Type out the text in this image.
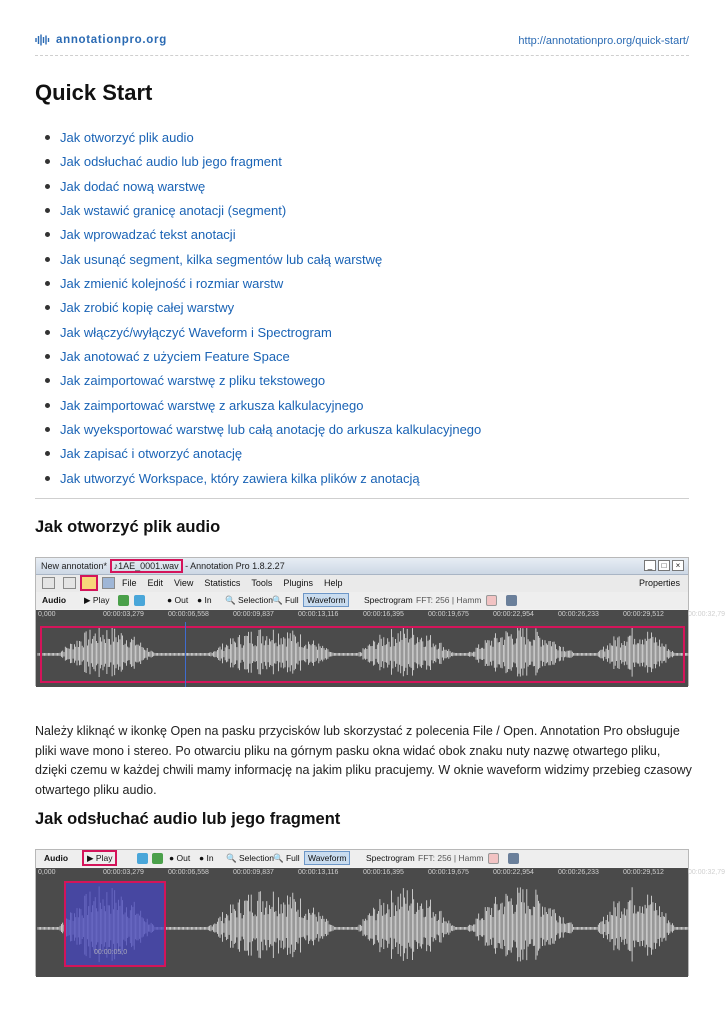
annotationpro.org	http://annotationpro.org/quick-start/
Quick Start
Jak otworzyć plik audio
Jak odsłuchać audio lub jego fragment
Jak dodać nową warstwę
Jak wstawić granicę anotacji (segment)
Jak wprowadzać tekst anotacji
Jak usunąć segment, kilka segmentów lub całą warstwę
Jak zmienić kolejność i rozmiar warstw
Jak zrobić kopię całej warstwy
Jak włączyć/wyłączyć Waveform i Spectrogram
Jak anotować z użyciem Feature Space
Jak zaimportować warstwę z pliku tekstowego
Jak zaimportować warstwę z arkusza kalkulacyjnego
Jak wyeksportować warstwę lub całą anotację do arkusza kalkulacyjnego
Jak zapisać i otworzyć anotację
Jak utworzyć Workspace, który zawiera kilka plików z anotacją
Jak otworzyć plik audio
New annotation* ♪1AE_0001.wav - Annotation Pro 1.8.2.27	_	□	×
File Edit View Statistics Tools Plugins Help	Properties
Audio ▶ Play	● Out ● In 🔍 Selection 🔍 Full Waveform	Spectrogram FFT: 256 | Hamm
0,000	00:00:03,279	00:00:06,558	00:00:09,837	00:00:13,116	00:00:16,395	00:00:19,675	00:00:22,954	00:00:26,233	00:00:29,512	00:00:32,79

Należy kliknąć w ikonkę Open na pasku przycisków lub skorzystać z polecenia File / Open. Annotation Pro obsługuje pliki wave mono i stereo. Po otwarciu pliku na górnym pasku okna widać obok znaku nuty nazwę otwartego pliku, dzięki czemu w każdej chwili mamy informację na jakim pliku pracujemy. W oknie waveform widzimy przebieg czasowy otwartego pliku audio.

Jak odsłuchać audio lub jego fragment
Audio	▶ Play	● Out ● In 🔍 Selection 🔍 Full Waveform	Spectrogram FFT: 256 | Hamm
0,000	00:00:03,279	00:00:06,558	00:00:09,837	00:00:13,116	00:00:16,395	00:00:19,675	00:00:22,954	00:00:26,233	00:00:29,512	00:00:32,79
00:00:05,0
